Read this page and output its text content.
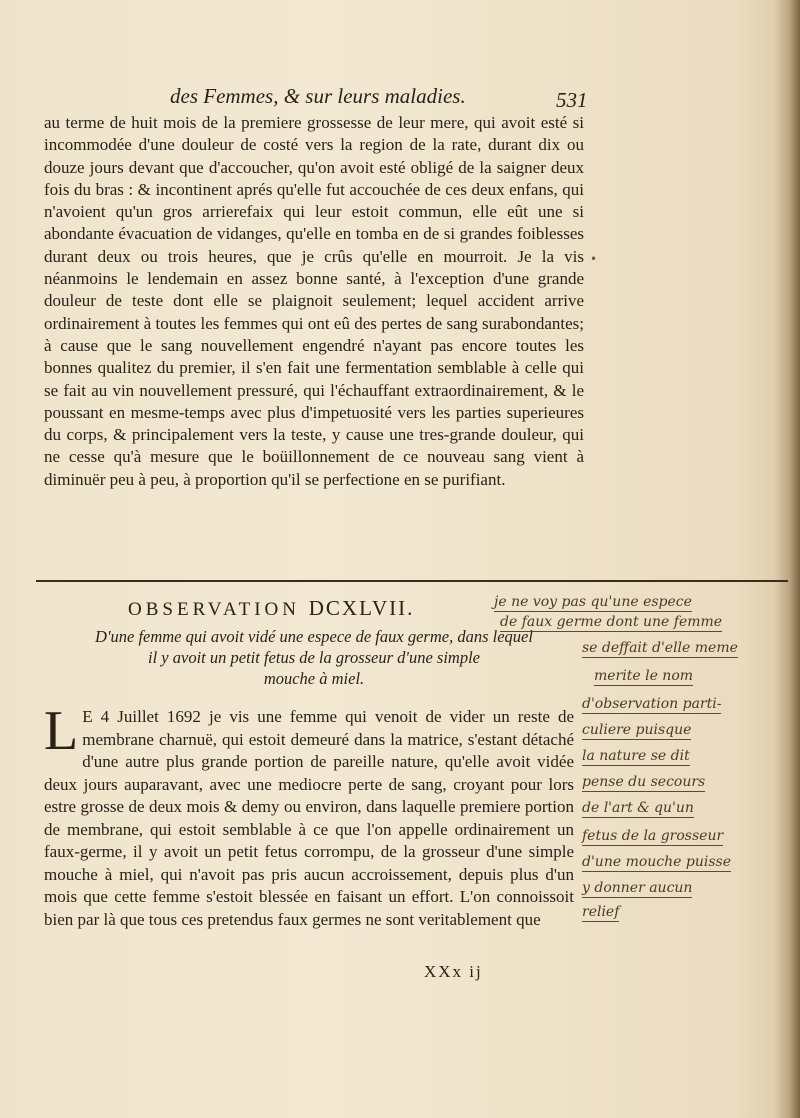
des Femmes, & sur leurs maladies.	531

au terme de huit mois de la premiere grossesse de leur mere, qui avoit esté si incommodée d'une douleur de costé vers la region de la rate, durant dix ou douze jours devant que d'accoucher, qu'on avoit esté obligé de la saigner deux fois du bras : & incontinent aprés qu'elle fut accouchée de ces deux enfans, qui n'avoient qu'un gros arrierefaix qui leur estoit commun, elle eût une si abondante évacuation de vidanges, qu'elle en tomba en de si grandes foiblesses durant deux ou trois heures, que je crûs qu'elle en mourroit. Je la vis néanmoins le lendemain en assez bonne santé, à l'exception d'une grande douleur de teste dont elle se plaignoit seulement; lequel accident arrive ordinairement à toutes les femmes qui ont eû des pertes de sang surabondantes; à cause que le sang nouvellement engendré n'ayant pas encore toutes les bonnes qualitez du premier, il s'en fait une fermentation semblable à celle qui se fait au vin nouvellement pressuré, qui l'échauffant extraordinairement, & le poussant en mesme-temps avec plus d'impetuosité vers les parties superieures du corps, & principalement vers la teste, y cause une tres-grande douleur, qui ne cesse qu'à mesure que le boüillonnement de ce nouveau sang vient à diminuër peu à peu, à proportion qu'il se perfectione en se purifiant.

OBSERVATION DCXLVII.
D'une femme qui avoit vidé une espece de faux germe, dans lequel
il y avoit un petit fetus de la grosseur d'une simple
mouche à miel.
L E 4 Juillet 1692 je vis une femme qui venoit de vider un reste de membrane charnuë, qui estoit demeuré dans la matrice, s'estant détaché d'une autre plus grande portion de pareille nature, qu'elle avoit vidée deux jours auparavant, avec une mediocre perte de sang, croyant pour lors estre grosse de deux mois & demy ou environ, dans laquelle premiere portion de membrane, qui estoit semblable à ce que l'on appelle ordinairement un faux-germe, il y avoit un petit fetus corrompu, de la grosseur d'une simple mouche à miel, qui n'avoit pas pris aucun accroissement, depuis plus d'un mois que cette femme s'estoit blessée en faisant un effort. L'on connoissoit bien par là que tous ces pretendus faux germes ne sont veritablement que
XXx ij
je ne voy pas qu'une espece
de faux germe dont une femme
se deffait d'elle meme
merite le nom
d'observation parti-
culiere puisque
la nature se dit
pense du secours
de l'art & qu'un
fetus de la grosseur
d'une mouche puisse
y donner aucun
relief
•
